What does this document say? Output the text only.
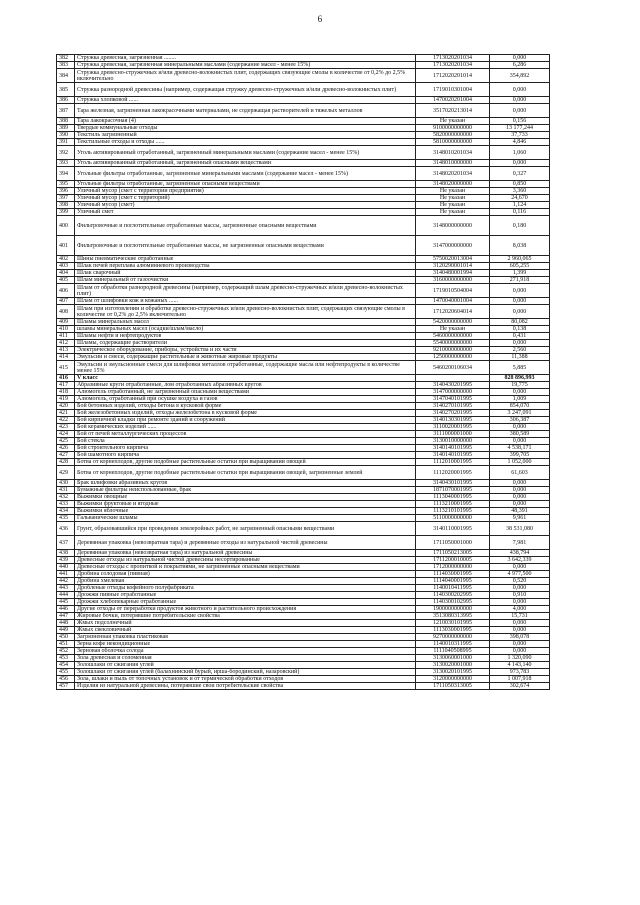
6
382	Стружка древесная, загрязненная ........	1713020201034	0,000
383	Стружка древесная, загрязненная минеральными маслами (содержание масел - менее 15%)	1713020201034	6,286
384	Стружка древесно-стружечных и/или древесно-волокнистых плит, содержащих связующие смолы в количестве от 0,2% до 2,5% включительно	1712020201014	354,892
385	Стружка разнородной древесины (например, содержащая стружку древесно-стружечных и/или древесно-волокнистых плит)	1719010301004	0,000
386	Стружка хлопковой ......	1470020201004	0,000
387	Тара железная, загрязненная лакокрасочными материалами, не содержащая растворителей и тяжелых металлов	3517020213014	0,000
388	Тара лакокрасочная (4)	Не указан	0,156
389	Твердые коммунальные отходы	9100000000000	13 177,244
390	Текстиль загрязненный	5820000000000	37,733
391	Текстильные отходы и отходы ......	5810000000000	4,846
392	Уголь активированный отработанный, загрязненный минеральными маслами (содержание масел - менее 15%)	3148010201034	1,060
393	Уголь активированный отработанный, загрязненный опасными веществами	3148010000000	0,000
394	Угольные фильтры отработанные, загрязненные минеральными маслами (содержание масел - менее 15%)	3148020201034	0,327
395	Угольные фильтры отработанные, загрязненные опасными веществами	3148020000000	0,850
396	Уличный мусор (смет с территории предприятия)	Не указан	3,360
397	Уличный мусор (смет с территорий)	Не указан	24,670
398	Уличный мусор (смет)	Не указан	1,124
399	Уличный смет	Не указан	0,116
400	Фильтровочные и поглотительные отработанные массы, загрязненные опасными веществами	3148000000000	0,180
401	Фильтровочные и поглотительные отработанные массы, не загрязненные опасными веществами	3147000000000	8,038
402	Шины пневматические отработанные	5750020013004	2 960,065
403	Шлак печей переплава алюминиевого производства	3120290001014	605,255
404	Шлак сварочный	3140480001994	1,399
405	Шлам минеральный от газоочистки	3160000000000	271,918
406	Шлам от обработки разнородной древесины (например, содержащий шлам древесно-стружечных и/или древесно-волокнистых плит)	1719010504004	0,000
407	Шлам от шлифовки кож и кожаных ......	1470040001004	0,000
408	Шлам при изготовлении и обработке древесно-стружечных и/или древесно-волокнистых плит, содержащих связующие смолы в количестве от 0,2% до 2,5% включительно	1712020604014	0,000
409	Шламы минеральных масел	5420000000000	80,082
410	шламы минеральных масел (осадки/шлам/масло)	Не указан	0,138
411	Шламы нефти и нефтепродуктов	5460000000000	0,431
412	Шламы, содержащие растворители	5540000000000	0,000
413	Электрическое оборудование, приборы, устройства и их части	9210000000000	2,560
414	Эмульсии и смеси, содержащие растительные и животные жировые продукты	1250000000000	11,388
415	Эмульсии и эмульсионные смеси для шлифовки металлов отработанные, содержащие масла или нефтепродукты в количестве менее 15%	5460200106034	5,885
416	V класс		828 896,993
417	Абразивные круги отработанные, лом отработанных абразивных кругов	3140430201995	19,775
418	Алюмогель отработанный, не загрязненный опасными веществами	3147000000000	0,000
419	Алюмогель, отработанный при осушке воздуха и газов	3147040101995	1,009
420	Бой бетонных изделий, отходы бетона в кусковой форме	3140270101995	854,070
421	Бой железобетонных изделий, отходы железобетона в кусковой форме	3140270201995	3 247,091
422	Бой кирпичной кладки при ремонте зданий и сооружений	3140130301995	306,387
423	Бой керамических изделий ......	3110020001995	0,000
424	Бой от печей металлургических процессов	3111000001000	380,589
425	Бой стекла	3130010000000	0,000
426	Бой строительного кирпича	3140140101995	4 538,171
427	Бой шамотного кирпича	3140140101995	399,705
428	Ботва от корнеплодов, другие подобные растительные остатки при выращивании овощей	1112010001995	1 052,000
429	Ботва от корнеплодов, другие подобные растительные остатки при выращивании овощей, загрязненные землей	1112020001995	61,603
430	Брак шлифовки абразивных кругов	3140430101995	0,000
431	Бумажные фильтры неиспользованные, брак	1871070001995	0,000
432	Выжимки овощные	1113040001995	0,000
433	Выжимки фруктовые и ягодные	1113210001995	0,000
434	Выжимки яблочные	1113210101995	48,391
435	Гальванические шламы	5110000000000	9,961
436	Грунт, образовавшийся при проведении землеройных работ, не загрязненный опасными веществами	3140110001995	38 531,080
437	Деревянная упаковка (невозвратная тара) и деревянные отходы из натуральной чистой древесины	1711050001000	7,981
438	Деревянная упаковка (невозвратная тара) из натуральной древесины	1711050213005	438,794
439	Древесные отходы из натуральной чистой древесины несортированные	1711200010005	3 642,339
440	Древесные отходы с пропиткой и покрытиями, не загрязненные опасными веществами	1712000000000	0,000
441	Дробина солодовая (пивная)	1114030001995	4 977,500
442	Дробина хмелевая	1114040001995	0,520
443	Дробленые отходы кофейного полуфабриката	1140010411995	0,000
444	Дрожжи пивные отработанные	1140300202995	0,910
445	Дрожжи хлебопекарные отработанные	1140300102995	0,000
446	Другие отходы от переработки продуктов животного и растительного происхождения	1900000000000	4,000
447	Жировые бочки, потерявшие потребительские свойства	3513080313995	15,731
448	Жмых подсолнечный	1210030101995	0,000
449	Жмых свекловичный	1113030001995	0,000
450	Загрязненная упаковка пластиковая	9270000000000	398,078
451	Зерна кофе некондиционные	1140010311995	0,000
452	Зерновая оболочка солода	1111040508995	0,000
453	Зола древесная и соломенная	3130060001000	1 320,090
454	Золошлаки от сжигания углей	3130020001000	4 143,140
455	Золошлаки от сжигания углей (балахнинский бурый, ирша-бородинский, назаровский)	3130020101995	973,783
456	Зола, шлаки и пыль от топочных установок и от термической обработки отходов	3120000000000	1 007,918
457	Изделия из натуральной древесины, потерявшие свои потребительские свойства	1711050313005	302,674
